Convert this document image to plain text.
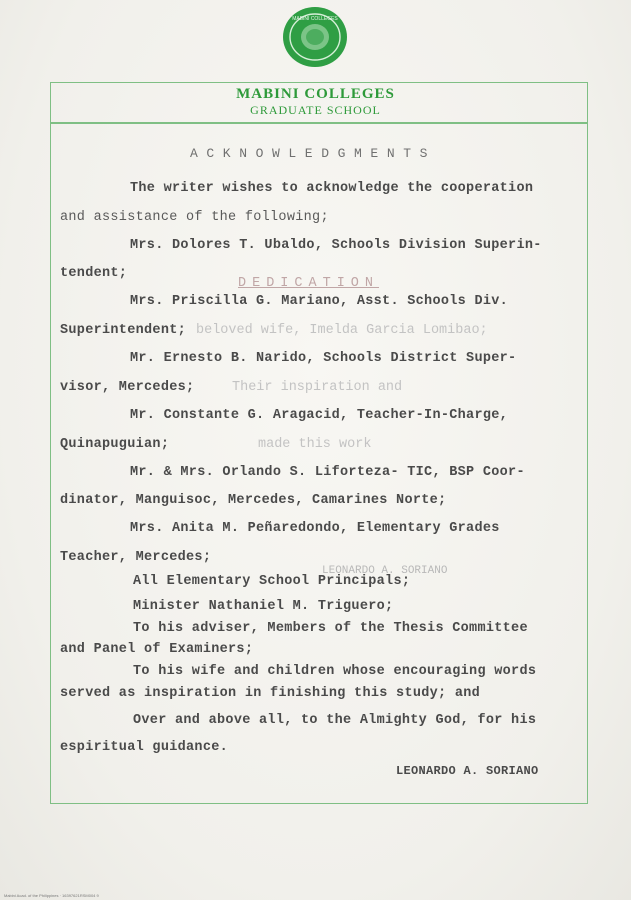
MABINI COLLEGES
MABINI COLLEGES
GRADUATE SCHOOL
ACKNOWLEDGMENTS
DEDICATION
beloved wife, Imelda Garcia Lomibao;
Their inspiration and
made this work
LEONARDO A. SORIANO
The writer wishes to acknowledge the cooperation
and assistance of the following;
Mrs. Dolores T. Ubaldo, Schools Division Superin-
tendent;
Mrs. Priscilla G. Mariano, Asst. Schools Div.
Superintendent;
Mr. Ernesto B. Narido, Schools District Super-
visor, Mercedes;
Mr. Constante G. Aragacid, Teacher-In-Charge,
Quinapuguian;
Mr. & Mrs. Orlando S. Liforteza- TIC, BSP Coor-
dinator, Manguisoc, Mercedes, Camarines Norte;
Mrs. Anita M. Peñaredondo, Elementary Grades
Teacher, Mercedes;
All Elementary School Principals;
Minister Nathaniel M. Triguero;
To his adviser, Members of the Thesis Committee
and Panel of Examiners;
To his wife and children whose encouraging words
served as inspiration in finishing this study; and
Over and above all, to the Almighty God, for his
espiritual guidance.
LEONARDO A. SORIANO
Mabini Acad. of the Philippines · 16397621RSM004 9
